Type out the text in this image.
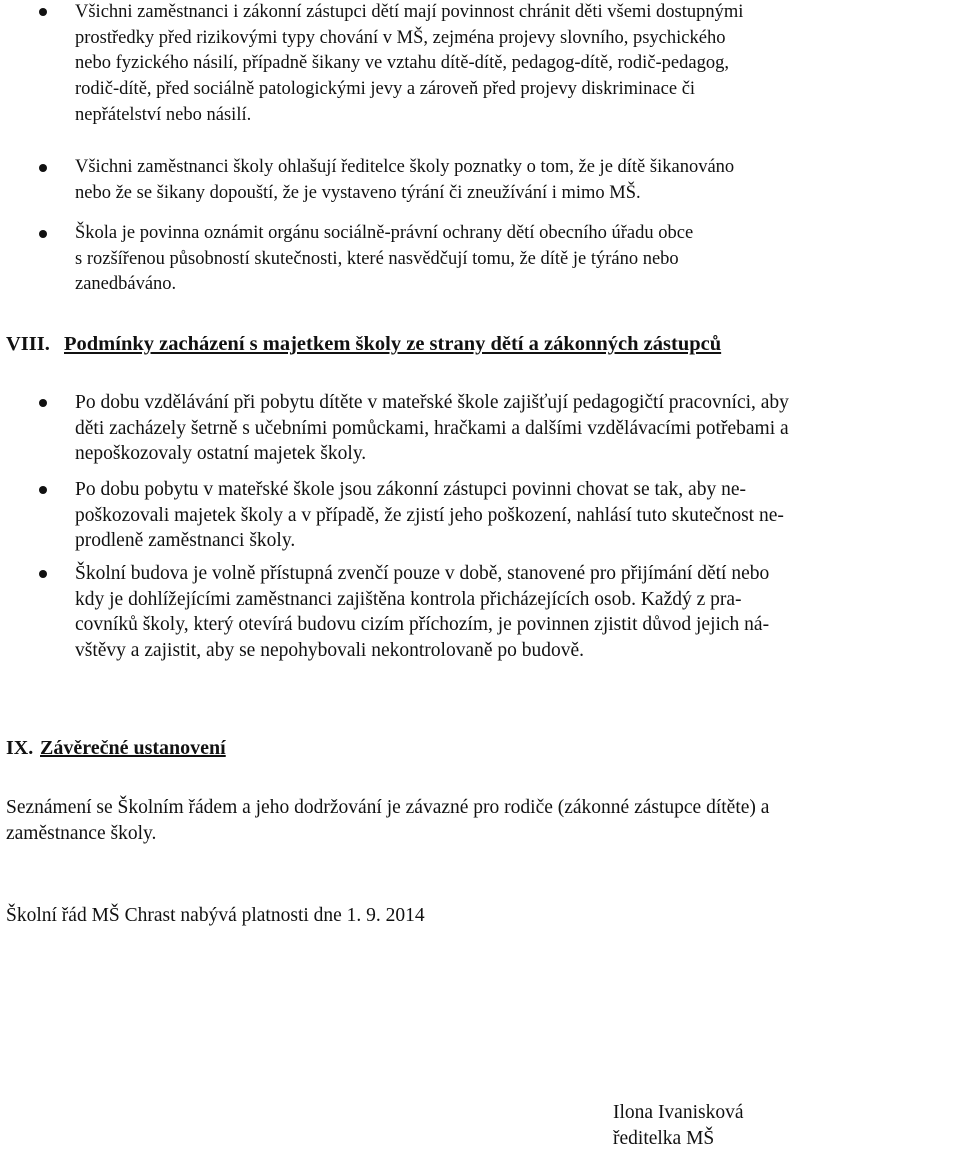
Všichni zaměstnanci i zákonní zástupci dětí mají povinnost chránit děti všemi dostupnými
prostředky před rizikovými typy chování v MŠ, zejména projevy slovního, psychického
nebo fyzického násilí, případně šikany ve vztahu dítě-dítě, pedagog-dítě, rodič-pedagog,
rodič-dítě, před sociálně patologickými jevy a zároveň před projevy diskriminace či
nepřátelství nebo násilí.
Všichni zaměstnanci školy ohlašují ředitelce školy poznatky o tom, že je dítě šikanováno
nebo že se šikany dopouští, že je vystaveno týrání či zneužívání i mimo MŠ.
Škola je povinna oznámit orgánu sociálně-právní ochrany dětí obecního úřadu obce
s rozšířenou působností skutečnosti, které nasvědčují tomu, že dítě je týráno nebo
zanedbáváno.
VIII. Podmínky zacházení s majetkem školy ze strany dětí a zákonných zástupců
Po dobu vzdělávání při pobytu dítěte v mateřské škole zajišťují pedagogičtí pracovníci, aby
děti zacházely šetrně s učebními pomůckami, hračkami a dalšími vzdělávacími potřebami a
nepoškozovaly ostatní majetek školy.
Po dobu pobytu v mateřské škole jsou zákonní zástupci povinni chovat se tak, aby ne-
poškozovali majetek školy a v případě, že zjistí jeho poškození, nahlásí tuto skutečnost ne-
prodleně zaměstnanci školy.
Školní budova je volně přístupná zvenčí pouze v době, stanovené pro přijímání dětí nebo
kdy je dohlížejícími zaměstnanci zajištěna kontrola přicházejících osob. Každý z pra-
covníků školy, který otevírá budovu cizím příchozím, je povinnen zjistit důvod jejich ná-
vštěvy a zajistit, aby se nepohybovali nekontrolovaně po budově.
IX. Závěrečné ustanovení
Seznámení se Školním řádem a jeho dodržování je závazné pro rodiče (zákonné zástupce dítěte) a
zaměstnance školy.
Školní řád MŠ Chrast nabývá platnosti dne 1. 9. 2014
Ilona Ivanisková
ředitelka MŠ
